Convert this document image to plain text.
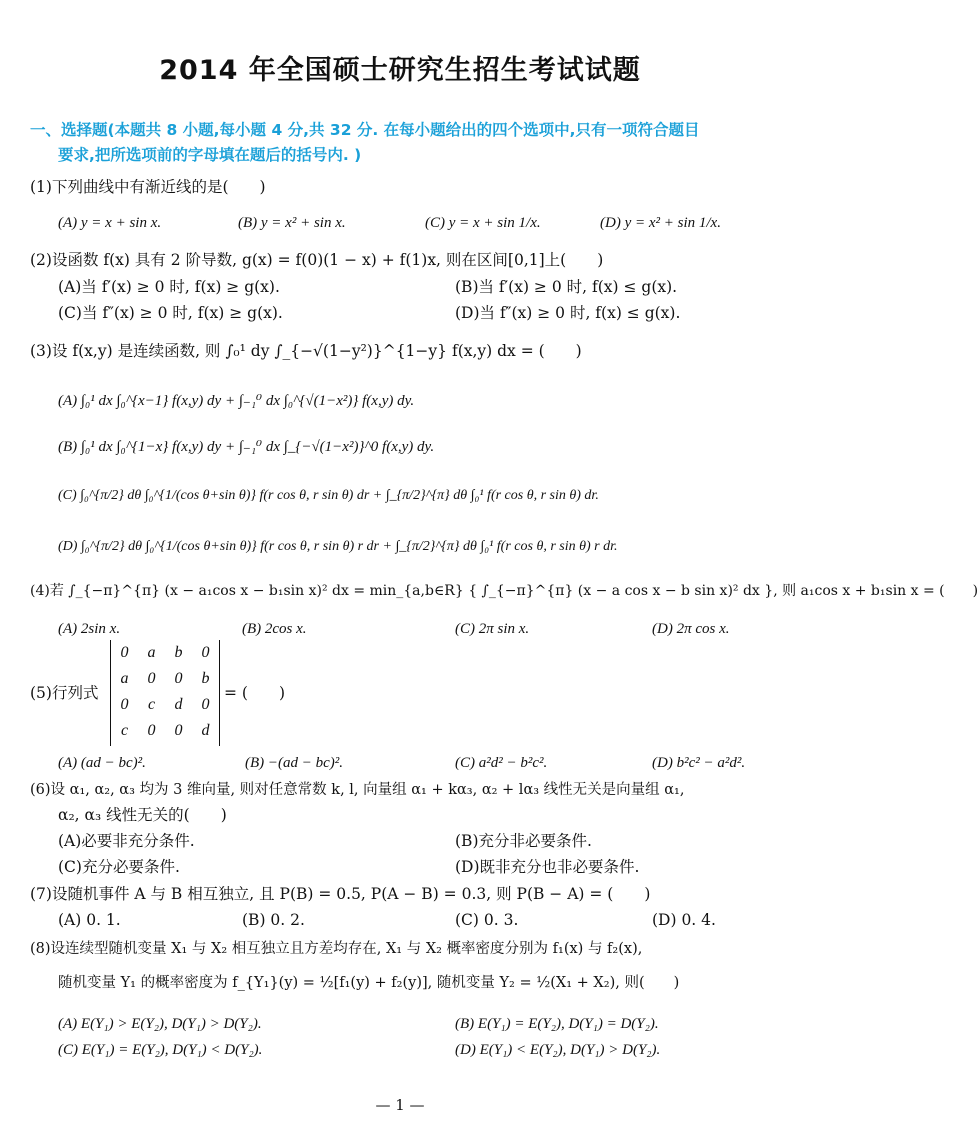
2014 年全国硕士研究生招生考试试题
一、选择题(本题共 8 小题,每小题 4 分,共 32 分. 在每小题给出的四个选项中,只有一项符合题目
要求,把所选项前的字母填在题后的括号内. )
(1)下列曲线中有渐近线的是(　　)
(A) y = x + sin x.	(B) y = x² + sin x.	(C) y = x + sin 1/x.	(D) y = x² + sin 1/x.
(2)设函数 f(x) 具有 2 阶导数, g(x) = f(0)(1 − x) + f(1)x, 则在区间[0,1]上(　　)
(A)当 f′(x) ≥ 0 时, f(x) ≥ g(x).	(B)当 f′(x) ≥ 0 时, f(x) ≤ g(x).
(C)当 f″(x) ≥ 0 时, f(x) ≥ g(x).	(D)当 f″(x) ≥ 0 时, f(x) ≤ g(x).
(3)设 f(x,y) 是连续函数, 则 ∫₀¹ dy ∫_{−√(1−y²)}^{1−y} f(x,y) dx = (　　)
(A) ∫₀¹ dx ∫₀^{x−1} f(x,y) dy + ∫₋₁⁰ dx ∫₀^{√(1−x²)} f(x,y) dy.
(B) ∫₀¹ dx ∫₀^{1−x} f(x,y) dy + ∫₋₁⁰ dx ∫_{−√(1−x²)}^0 f(x,y) dy.
(C) ∫₀^{π/2} dθ ∫₀^{1/(cos θ+sin θ)} f(r cos θ, r sin θ) dr + ∫_{π/2}^{π} dθ ∫₀¹ f(r cos θ, r sin θ) dr.
(D) ∫₀^{π/2} dθ ∫₀^{1/(cos θ+sin θ)} f(r cos θ, r sin θ) r dr + ∫_{π/2}^{π} dθ ∫₀¹ f(r cos θ, r sin θ) r dr.
(4)若 ∫_{−π}^{π} (x − a₁cos x − b₁sin x)² dx = min_{a,b∈R} { ∫_{−π}^{π} (x − a cos x − b sin x)² dx }, 则 a₁cos x + b₁sin x = (　　)
(A) 2sin x.	(B) 2cos x.	(C) 2π sin x.	(D) 2π cos x.
(5)行列式
0	a	b	0
a	0	0	b
0	c	d	0
c	0	0	d
= (　　)
(A) (ad − bc)².	(B) −(ad − bc)².	(C) a²d² − b²c².	(D) b²c² − a²d².
(6)设 α₁, α₂, α₃ 均为 3 维向量, 则对任意常数 k, l, 向量组 α₁ + kα₃, α₂ + lα₃ 线性无关是向量组 α₁,
α₂, α₃ 线性无关的(　　)
(A)必要非充分条件.	(B)充分非必要条件.
(C)充分必要条件.	(D)既非充分也非必要条件.
(7)设随机事件 A 与 B 相互独立, 且 P(B) = 0.5, P(A − B) = 0.3, 则 P(B − A) = (　　)
(A) 0. 1.	(B) 0. 2.	(C) 0. 3.	(D) 0. 4.
(8)设连续型随机变量 X₁ 与 X₂ 相互独立且方差均存在, X₁ 与 X₂ 概率密度分别为 f₁(x) 与 f₂(x),
随机变量 Y₁ 的概率密度为 f_{Y₁}(y) = ½[f₁(y) + f₂(y)], 随机变量 Y₂ = ½(X₁ + X₂), 则(　　)
(A) E(Y₁) > E(Y₂), D(Y₁) > D(Y₂).	(B) E(Y₁) = E(Y₂), D(Y₁) = D(Y₂).
(C) E(Y₁) = E(Y₂), D(Y₁) < D(Y₂).	(D) E(Y₁) < E(Y₂), D(Y₁) > D(Y₂).
— 1 —
